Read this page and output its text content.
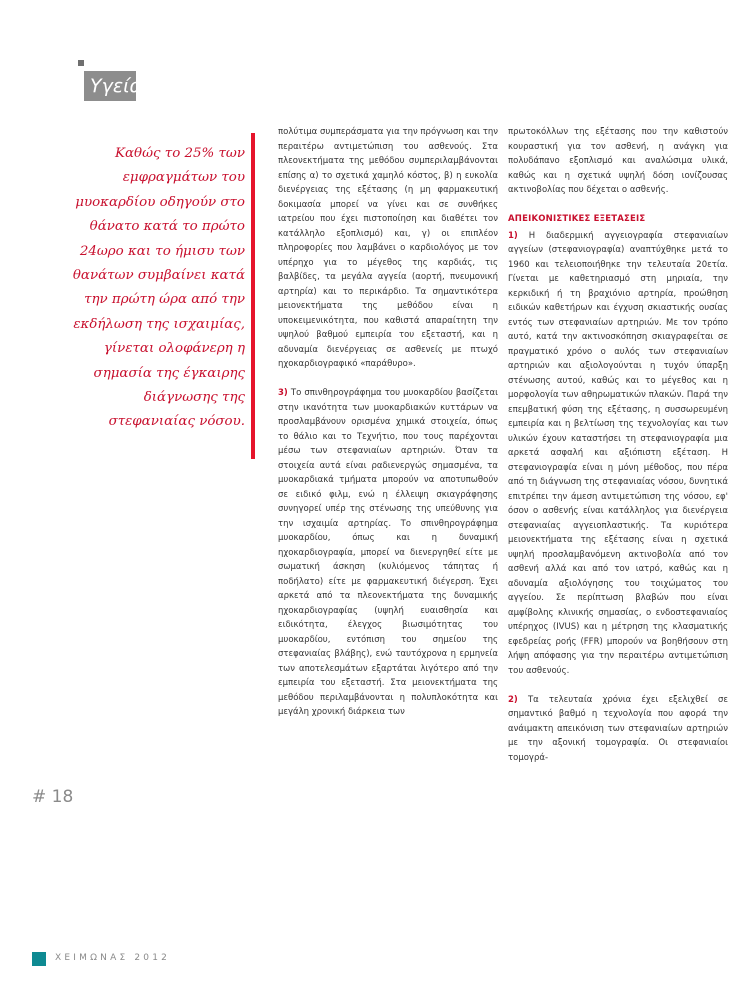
Υγεία
Καθώς το 25% των εμφραγμάτων του μυοκαρδίου οδηγούν στο θάνατο κατά το πρώτο 24ωρο και το ήμισυ των θανάτων συμβαίνει κατά την πρώτη ώρα από την εκδήλωση της ισχαιμίας, γίνεται ολοφάνερη η σημασία της έγκαιρης διάγνωσης της στεφανιαίας νόσου.

πολύτιμα συμπεράσματα για την πρόγνωση και την περαιτέρω αντιμετώπιση του ασθενούς. Στα πλεονεκτήματα της μεθόδου συμπεριλαμβάνονται επίσης α) το σχετικά χαμηλό κόστος, β) η ευκολία διενέργειας της εξέτασης (η μη φαρμακευτική δοκιμασία μπορεί να γίνει και σε συνθήκες ιατρείου που έχει πιστοποίηση και διαθέτει τον κατάλληλο εξοπλισμό) και, γ) οι επιπλέον πληροφορίες που λαμβάνει ο καρδιολόγος με τον υπέρηχο για το μέγεθος της καρδιάς, τις βαλβίδες, τα μεγάλα αγγεία (αορτή, πνευμονική αρτηρία) και το περικάρδιο. Τα σημαντικότερα μειονεκτήματα της μεθόδου είναι η υποκειμενικότητα, που καθιστά απαραίτητη την υψηλού βαθμού εμπειρία του εξεταστή, και η αδυναμία διενέργειας σε ασθενείς με πτωχό ηχοκαρδιογραφικό «παράθυρο».

3) Το σπινθηρογράφημα του μυοκαρδίου βασίζεται στην ικανότητα των μυοκαρδιακών κυττάρων να προσλαμβάνουν ορισμένα χημικά στοιχεία, όπως το θάλιο και το Τεχνήτιο, που τους παρέχονται μέσω των στεφανιαίων αρτηριών. Όταν τα στοιχεία αυτά είναι ραδιενεργώς σημασμένα, τα μυοκαρδιακά τμήματα μπορούν να αποτυπωθούν σε ειδικό φιλμ, ενώ η έλλειψη σκιαγράφησης συνηγορεί υπέρ της στένωσης της υπεύθυνης για την ισχαιμία αρτηρίας. Το σπινθηρογράφημα μυοκαρδίου, όπως και η δυναμική ηχοκαρδιογραφία, μπορεί να διενεργηθεί είτε με σωματική άσκηση (κυλιόμενος τάπητας ή ποδήλατο) είτε με φαρμακευτική διέγερση. Έχει αρκετά από τα πλεονεκτήματα της δυναμικής ηχοκαρδιογραφίας (υψηλή ευαισθησία και ειδικότητα, έλεγχος βιωσιμότητας του μυοκαρδίου, εντόπιση του σημείου της στεφανιαίας βλάβης), ενώ ταυτόχρονα η ερμηνεία των αποτελεσμάτων εξαρτάται λιγότερο από την εμπειρία του εξεταστή. Στα μειονεκτήματα της μεθόδου περιλαμβάνονται η πολυπλοκότητα και μεγάλη χρονική διάρκεια των

πρωτοκόλλων της εξέτασης που την καθιστούν κουραστική για τον ασθενή, η ανάγκη για πολυδάπανο εξοπλισμό και αναλώσιμα υλικά, καθώς και η σχετικά υψηλή δόση ιονίζουσας ακτινοβολίας που δέχεται ο ασθενής.

ΑΠΕΙΚΟΝΙΣΤΙΚΕΣ ΕΞΕΤΑΣΕΙΣ

1) Η διαδερμική αγγειογραφία στεφανιαίων αγγείων (στεφανιογραφία) αναπτύχθηκε μετά το 1960 και τελειοποιήθηκε την τελευταία 20ετία. Γίνεται με καθετηριασμό στη μηριαία, την κερκιδική ή τη βραχιόνιο αρτηρία, προώθηση ειδικών καθετήρων και έγχυση σκιαστικής ουσίας εντός των στεφανιαίων αρτηριών. Με τον τρόπο αυτό, κατά την ακτινοσκόπηση σκιαγραφείται σε πραγματικό χρόνο ο αυλός των στεφανιαίων αρτηριών και αξιολογούνται η τυχόν ύπαρξη στένωσης αυτού, καθώς και το μέγεθος και η μορφολογία των αθηρωματικών πλακών. Παρά την επεμβατική φύση της εξέτασης, η συσσωρευμένη εμπειρία και η βελτίωση της τεχνολογίας και των υλικών έχουν καταστήσει τη στεφανιογραφία μια αρκετά ασφαλή και αξιόπιστη εξέταση. Η στεφανιογραφία είναι η μόνη μέθοδος, που πέρα από τη διάγνωση της στεφανιαίας νόσου, δυνητικά επιτρέπει την άμεση αντιμετώπιση της νόσου, εφ' όσον ο ασθενής είναι κατάλληλος για διενέργεια στεφανιαίας αγγειοπλαστικής. Τα κυριότερα μειονεκτήματα της εξέτασης είναι η σχετικά υψηλή προσλαμβανόμενη ακτινοβολία από τον ασθενή αλλά και από τον ιατρό, καθώς και η αδυναμία αξιολόγησης του τοιχώματος του αγγείου. Σε περίπτωση βλαβών που είναι αμφίβολης κλινικής σημασίας, ο ενδοστεφανιαίος υπέρηχος (IVUS) και η μέτρηση της κλασματικής εφεδρείας ροής (FFR) μπορούν να βοηθήσουν στη λήψη απόφασης για την περαιτέρω αντιμετώπιση του ασθενούς.

2) Τα τελευταία χρόνια έχει εξελιχθεί σε σημαντικό βαθμό η τεχνολογία που αφορά την ανάιμακτη απεικόνιση των στεφανιαίων αρτηριών με την αξονική τομογραφία. Οι στεφανιαίοι τομογρά-

# 18
ΧΕΙΜΩΝΑΣ 2012
